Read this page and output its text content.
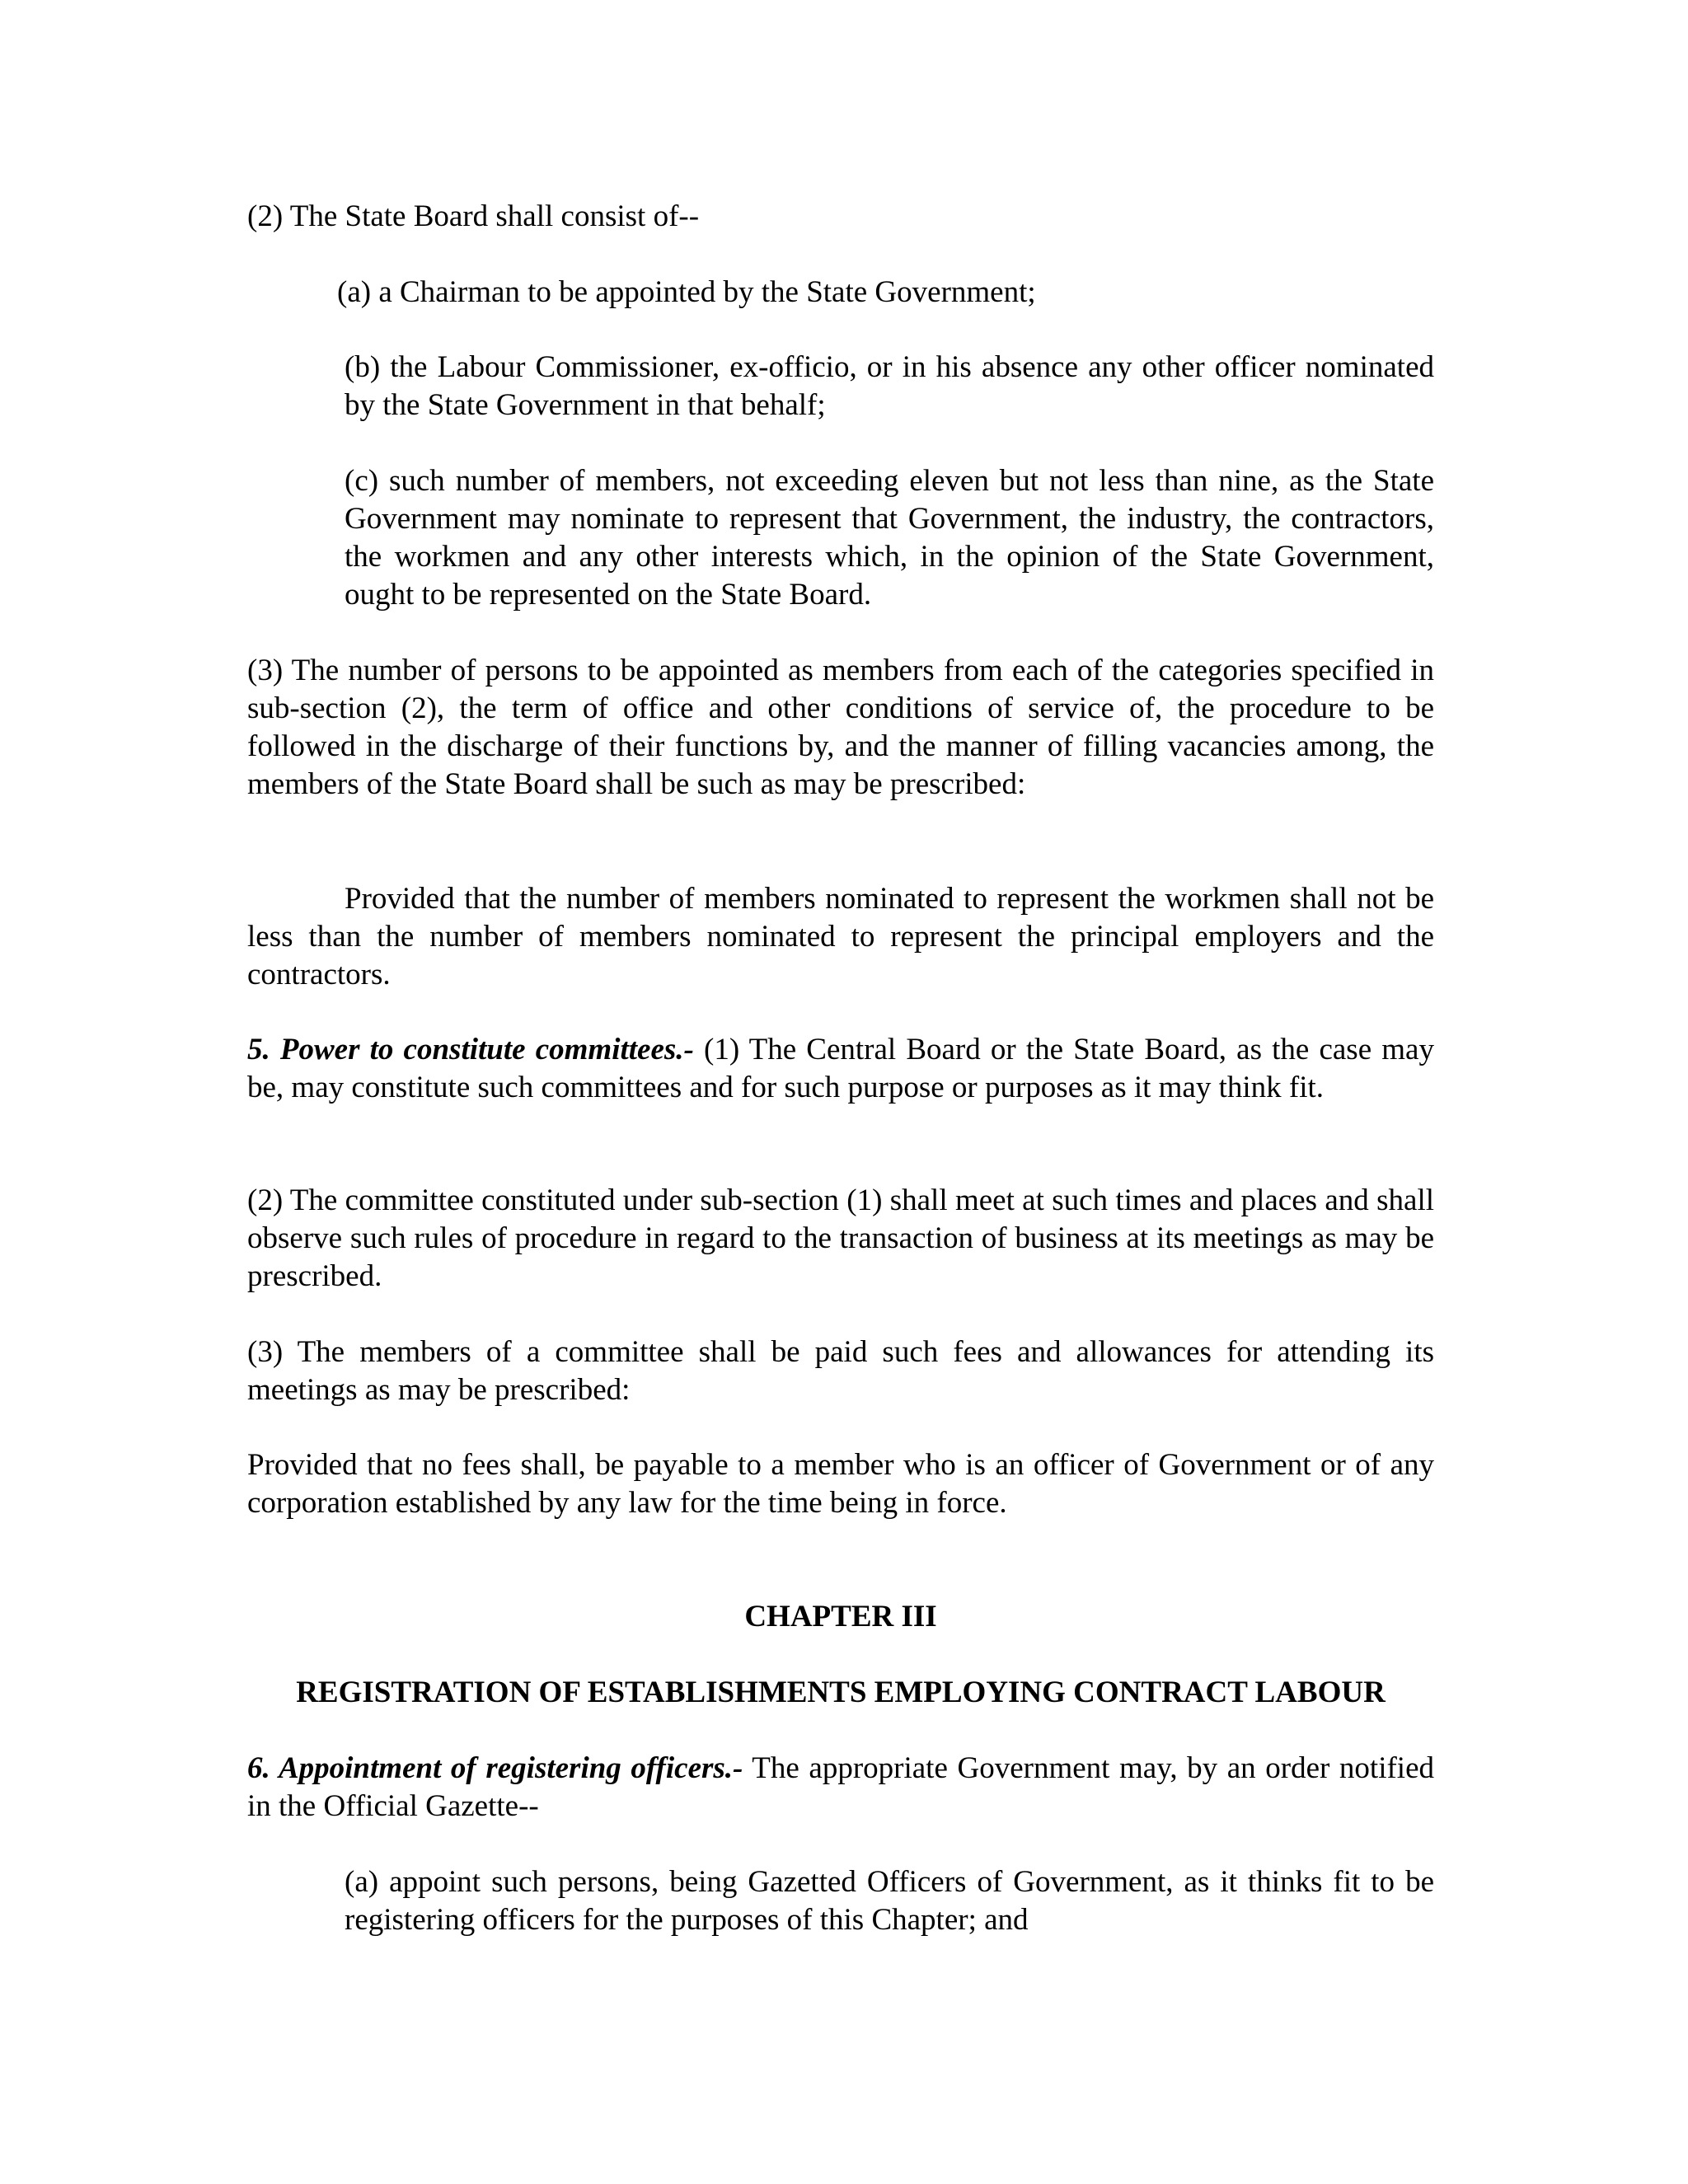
(2) The State Board shall consist of--

(a) a Chairman to be appointed by the State Government;

(b) the Labour Commissioner, ex-officio, or in his absence any other officer nominated by the State Government in that behalf;

(c) such number of members, not exceeding eleven but not less than nine, as the State Government may nominate to represent that Government, the industry, the contractors, the workmen and any other interests which, in the opinion of the State Government, ought to be represented on the State Board.

(3) The number of persons to be appointed as members from each of the categories specified in sub-section (2), the term of office and other conditions of service of, the procedure to be followed in the discharge of their functions by, and the manner of filling vacancies among, the members of the State Board shall be such as may be prescribed:

Provided that the number of members nominated to represent the workmen shall not be less than the number of members nominated to represent the principal employers and the contractors.

5. Power to constitute committees.- (1) The Central Board or the State Board, as the case may be, may constitute such committees and for such purpose or purposes as it may think fit.

(2) The committee constituted under sub-section (1) shall meet at such times and places and shall observe such rules of procedure in regard to the transaction of business at its meetings as may be prescribed.

(3) The members of a committee shall be paid such fees and allowances for attending its meetings as may be prescribed:

Provided that no fees shall, be payable to a member who is an officer of Government or of any corporation established by any law for the time being in force.

CHAPTER III

REGISTRATION OF ESTABLISHMENTS EMPLOYING CONTRACT LABOUR

6. Appointment of registering officers.- The appropriate Government may, by an order notified in the Official Gazette--

(a) appoint such persons, being Gazetted Officers of Government, as it thinks fit to be registering officers for the purposes of this Chapter; and
